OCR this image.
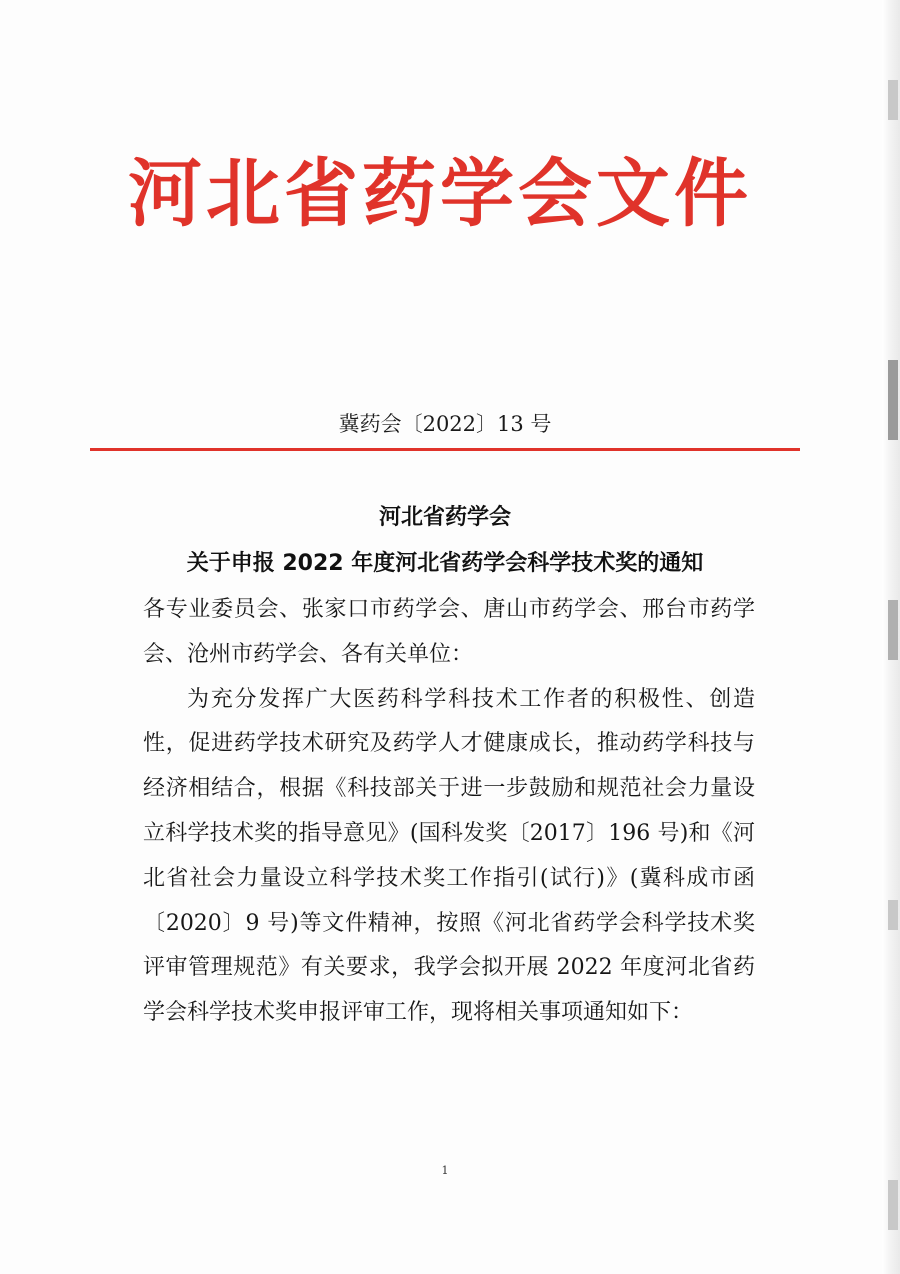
河北省药学会文件
冀药会〔2022〕13 号
河北省药学会
关于申报 2022 年度河北省药学会科学技术奖的通知

各专业委员会、张家口市药学会、唐山市药学会、邢台市药学会、沧州市药学会、各有关单位：

为充分发挥广大医药科学科技术工作者的积极性、创造性，促进药学技术研究及药学人才健康成长，推动药学科技与经济相结合，根据《科技部关于进一步鼓励和规范社会力量设立科学技术奖的指导意见》(国科发奖〔2017〕196 号)和《河北省社会力量设立科学技术奖工作指引(试行)》(冀科成市函〔2020〕9 号)等文件精神，按照《河北省药学会科学技术奖评审管理规范》有关要求，我学会拟开展 2022 年度河北省药学会科学技术奖申报评审工作，现将相关事项通知如下：

1
